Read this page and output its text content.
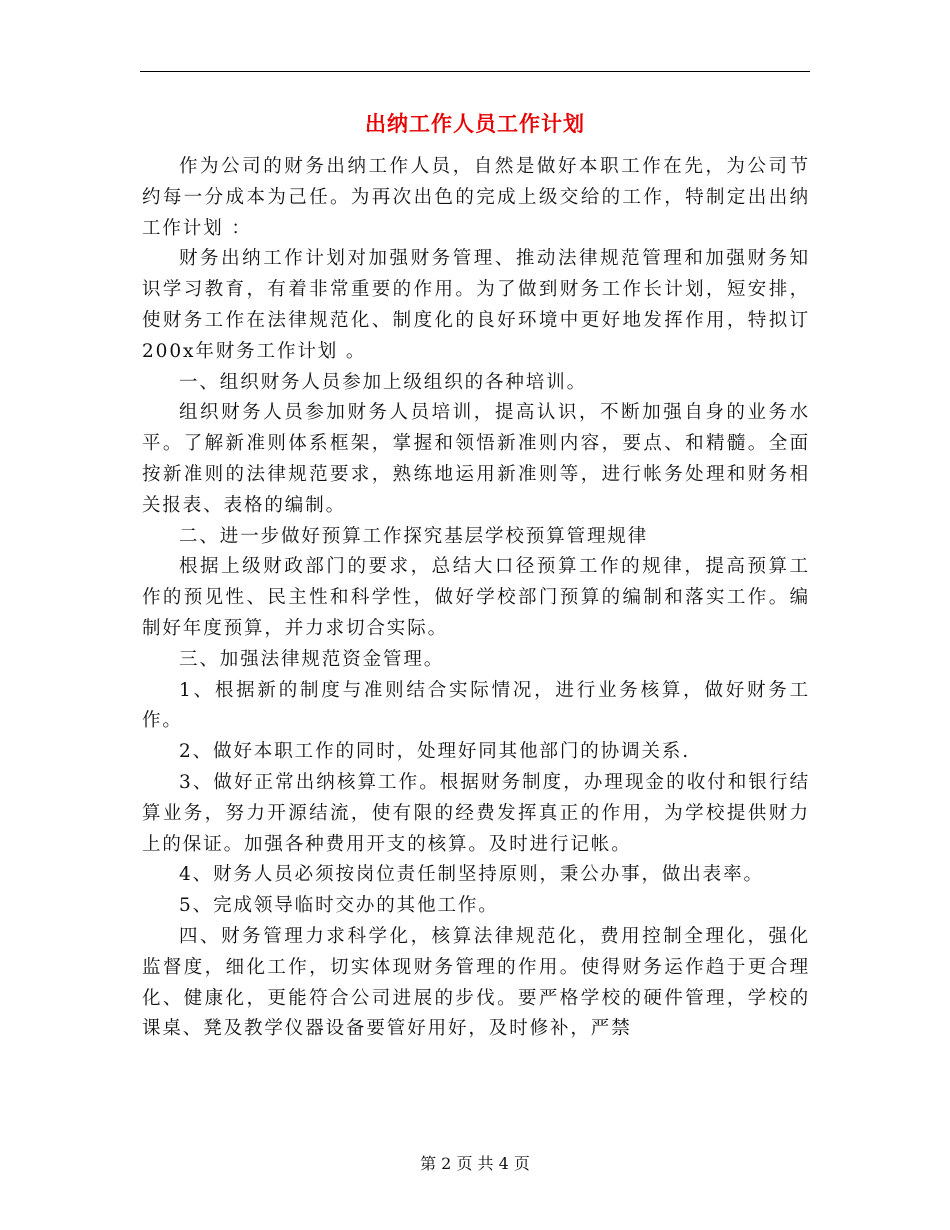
出纳工作人员工作计划

作为公司的财务出纳工作人员，自然是做好本职工作在先，为公司节约每一分成本为己任。为再次出色的完成上级交给的工作，特制定出出纳工作计划 ：

财务出纳工作计划对加强财务管理、推动法律规范管理和加强财务知识学习教育，有着非常重要的作用。为了做到财务工作长计划，短安排，使财务工作在法律规范化、制度化的良好环境中更好地发挥作用，特拟订200x年财务工作计划 。

一、组织财务人员参加上级组织的各种培训。

组织财务人员参加财务人员培训，提高认识，不断加强自身的业务水平。了解新准则体系框架，掌握和领悟新准则内容，要点、和精髓。全面按新准则的法律规范要求，熟练地运用新准则等，进行帐务处理和财务相关报表、表格的编制。

二、进一步做好预算工作探究基层学校预算管理规律

根据上级财政部门的要求，总结大口径预算工作的规律，提高预算工作的预见性、民主性和科学性，做好学校部门预算的编制和落实工作。编制好年度预算，并力求切合实际。

三、加强法律规范资金管理。

1、根据新的制度与准则结合实际情况，进行业务核算，做好财务工作。

2、做好本职工作的同时，处理好同其他部门的协调关系.

3、做好正常出纳核算工作。根据财务制度，办理现金的收付和银行结算业务，努力开源结流，使有限的经费发挥真正的作用，为学校提供财力上的保证。加强各种费用开支的核算。及时进行记帐。

4、财务人员必须按岗位责任制坚持原则，秉公办事，做出表率。

5、完成领导临时交办的其他工作。

四、财务管理力求科学化，核算法律规范化，费用控制全理化，强化监督度，细化工作，切实体现财务管理的作用。使得财务运作趋于更合理化、健康化，更能符合公司进展的步伐。要严格学校的硬件管理，学校的课桌、凳及教学仪器设备要管好用好，及时修补，严禁

第 2 页 共 4 页
